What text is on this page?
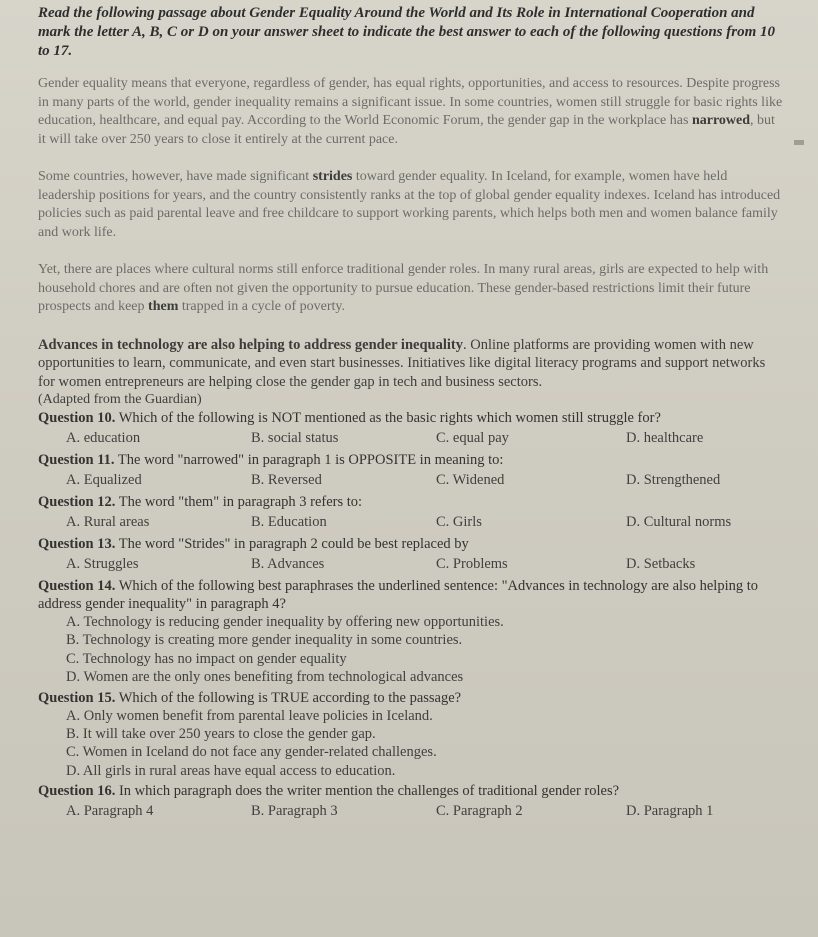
Read the following passage about Gender Equality Around the World and Its Role in International Cooperation and mark the letter A, B, C or D on your answer sheet to indicate the best answer to each of the following questions from 10 to 17.

Gender equality means that everyone, regardless of gender, has equal rights, opportunities, and access to resources. Despite progress in many parts of the world, gender inequality remains a significant issue. In some countries, women still struggle for basic rights like education, healthcare, and equal pay. According to the World Economic Forum, the gender gap in the workplace has narrowed, but it will take over 250 years to close it entirely at the current pace.

Some countries, however, have made significant strides toward gender equality. In Iceland, for example, women have held leadership positions for years, and the country consistently ranks at the top of global gender equality indexes. Iceland has introduced policies such as paid parental leave and free childcare to support working parents, which helps both men and women balance family and work life.

Yet, there are places where cultural norms still enforce traditional gender roles. In many rural areas, girls are expected to help with household chores and are often not given the opportunity to pursue education. These gender-based restrictions limit their future prospects and keep them trapped in a cycle of poverty.

Advances in technology are also helping to address gender inequality. Online platforms are providing women with new opportunities to learn, communicate, and even start businesses. Initiatives like digital literacy programs and support networks for women entrepreneurs are helping close the gender gap in tech and business sectors.

(Adapted from the Guardian)

Question 10. Which of the following is NOT mentioned as the basic rights which women still struggle for?

A. education	B. social status	C. equal pay	D. healthcare

Question 11. The word "narrowed" in paragraph 1 is OPPOSITE in meaning to:

A. Equalized	B. Reversed	C. Widened	D. Strengthened

Question 12. The word "them" in paragraph 3 refers to:

A. Rural areas	B. Education	C. Girls	D. Cultural norms

Question 13. The word "Strides" in paragraph 2 could be best replaced by

A. Struggles	B. Advances	C. Problems	D. Setbacks

Question 14. Which of the following best paraphrases the underlined sentence: "Advances in technology are also helping to address gender inequality" in paragraph 4?

A. Technology is reducing gender inequality by offering new opportunities.
B. Technology is creating more gender inequality in some countries.
C. Technology has no impact on gender equality
D. Women are the only ones benefiting from technological advances

Question 15. Which of the following is TRUE according to the passage?

A. Only women benefit from parental leave policies in Iceland.
B. It will take over 250 years to close the gender gap.
C. Women in Iceland do not face any gender-related challenges.
D. All girls in rural areas have equal access to education.

Question 16. In which paragraph does the writer mention the challenges of traditional gender roles?

A. Paragraph 4	B. Paragraph 3	C. Paragraph 2	D. Paragraph 1
